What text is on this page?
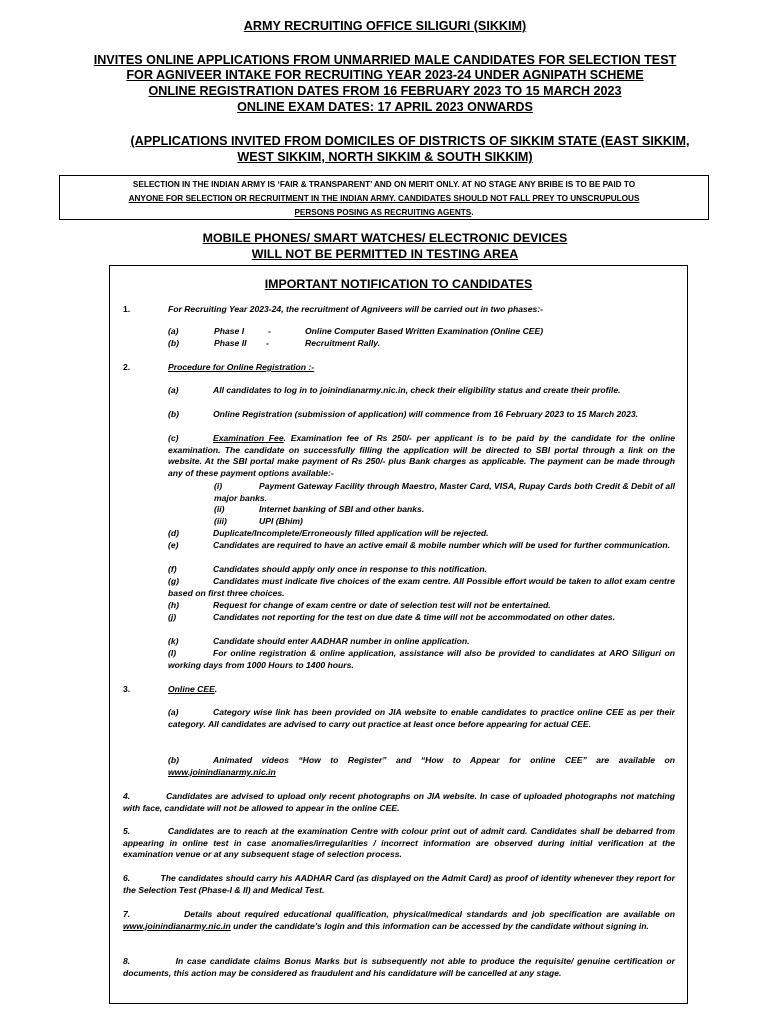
ARMY RECRUITING OFFICE SILIGURI (SIKKIM)
INVITES ONLINE APPLICATIONS FROM UNMARRIED MALE CANDIDATES FOR SELECTION TEST
FOR AGNIVEER INTAKE FOR RECRUITING YEAR 2023-24 UNDER AGNIPATH SCHEME
ONLINE REGISTRATION DATES FROM 16 FEBRUARY 2023 TO 15 MARCH 2023
ONLINE EXAM DATES: 17 APRIL 2023 ONWARDS
(APPLICATIONS INVITED FROM DOMICILES OF DISTRICTS OF SIKKIM STATE (EAST SIKKIM,
WEST SIKKIM, NORTH SIKKIM & SOUTH SIKKIM)
SELECTION IN THE INDIAN ARMY IS ‘FAIR & TRANSPARENT’ AND ON MERIT ONLY. AT NO STAGE ANY BRIBE IS TO BE PAID TO
ANYONE FOR SELECTION OR RECRUITMENT IN THE INDIAN ARMY. CANDIDATES SHOULD NOT FALL PREY TO UNSCRUPULOUS
PERSONS POSING AS RECRUITING AGENTS.
MOBILE PHONES/ SMART WATCHES/ ELECTRONIC DEVICES
WILL NOT BE PERMITTED IN TESTING AREA
IMPORTANT NOTIFICATION TO CANDIDATES
1.	For Recruiting Year 2023-24, the recruitment of Agniveers will be carried out in two phases:-
(a)	Phase I	-	Online Computer Based Written Examination (Online CEE)
(b)	Phase II -	Recruitment Rally.
2.	Procedure for Online Registration :-
(a)	All candidates to log in to joinindianarmy.nic.in, check their eligibility status and create their profile.
(b)	Online Registration (submission of application) will commence from 16 February 2023 to 15 March 2023.
(c)	Examination Fee. Examination fee of Rs 250/- per applicant is to be paid by the candidate for the online examination. The candidate on successfully filling the application will be directed to SBI portal through a link on the website. At the SBI portal make payment of Rs 250/- plus Bank charges as applicable. The payment can be made through any of these payment options available:-
(i)	Payment Gateway Facility through Maestro, Master Card, VISA, Rupay Cards both Credit & Debit of all major banks.
(ii)	Internet banking of SBI and other banks.
(iii)	UPI (Bhim)
(d)	Duplicate/Incomplete/Erroneously filled application will be rejected.
(e)	Candidates are required to have an active email & mobile number which will be used for further communication.
(f)	Candidates should apply only once in response to this notification.
(g)	Candidates must indicate five choices of the exam centre. All Possible effort would be taken to allot exam centre based on first three choices.
(h)	Request for change of exam centre or date of selection test will not be entertained.
(j)	Candidates not reporting for the test on due date & time will not be accommodated on other dates.
(k)	Candidate should enter AADHAR number in online application.
(l)	For online registration & online application, assistance will also be provided to candidates at ARO Siliguri on working days from 1000 Hours to 1400 hours.
3.	Online CEE.
(a)	Category wise link has been provided on JIA website to enable candidates to practice online CEE as per their category. All candidates are advised to carry out practice at least once before appearing for actual CEE.
(b)	Animated videos “How to Register” and “How to Appear for online CEE” are available on www.joinindianarmy.nic.in
4.            Candidates are advised to upload only recent photographs on JIA website. In case of uploaded photographs not matching with face, candidate will not be allowed to appear in the online CEE.
5.            Candidates are to reach at the examination Centre with colour print out of admit card. Candidates shall be debarred from appearing in online test in case anomalies/irregularities / incorrect information are observed during initial verification at the examination venue or at any subsequent stage of selection process.
6.            The candidates should carry his AADHAR Card (as displayed on the Admit Card) as proof of identity whenever they report for the Selection Test (Phase-I & II) and Medical Test.
7.            Details about required educational qualification, physical/medical standards and job specification are available on www.joinindianarmy.nic.in under the candidate’s login and this information can be accessed by the candidate without signing in.
8.            In case candidate claims Bonus Marks but is subsequently not able to produce the requisite/ genuine certification or documents, this action may be considered as fraudulent and his candidature will be cancelled at any stage.
